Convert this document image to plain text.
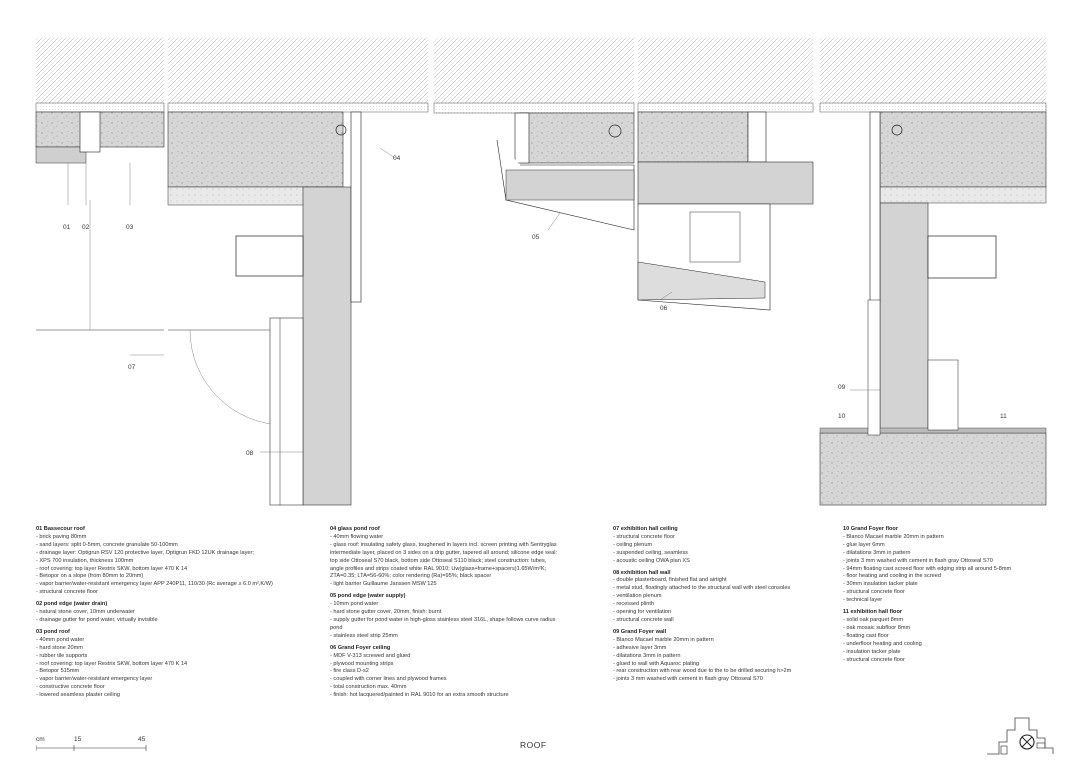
01 02	03
04
05
06
07
08
09
10	11
01 Bassecour roof
- brick paving 80mm
- sand layers: split 0-5mm, concrete granulate 50-100mm
- drainage layer: Optigrun RSV 120 protective layer, Optigrun FKD 12UK drainage layer;
- XPS 700 insulation, thickness 100mm
- roof covering: top layer Restrix SKW, bottom layer 470 K 14
- Betopor on a slope (from 80mm to 20mm)
- vapor barrier/water-resistant emergency layer APP 240P11, 110/30 (Rc average ≥ 6.0 m²,K/W)
- structural concrete floor
02 pond edge (water drain)
- natural stone cover, 10mm underwater
- drainage gutter for pond water, virtually invisible
03 pond roof
- 40mm pond water
- hard stone 20mm
- rubber tile supports
- roof covering: top layer Restrix SKW, bottom layer 470 K 14
- Betopor 515mm
- vapor barrier/water-resistant emergency layer
- constructive concrete floor
- lowered seamless plaster ceiling
04 glass pond roof
- 40mm flowing water
- glass roof: insulating safety glass, toughened in layers incl. screen printing with Sentryglas
intermediate layer, placed on 3 sides on a drip gutter, tapered all around; silicone edge seal:
top side Ottoseal S70 black, bottom side Ottoseal S110 black; steel construction: tubes,
angle profiles and strips coated white RAL 9010; Uw(glass+frame+spacers)1.65W/m²K;
ZTA=0.35; LTA=56-60%; color rendering (Ra)=95%; black spacer
- light barrier Guillaume Janssen MSW 125
05 pond edge (water supply)
- 10mm pond water
- hard stone gutter cover, 20mm, finish: burnt
- supply gutter for pond water in high-gloss stainless steel 316L, shape follows curve radius
pond
- stainless steel strip 25mm
06 Grand Foyer ceiling
- MDF V-313 screwed and glued
- plywood mounting strips
- fire class D-s2
- coupled with corner lines and plywood frames
- total construction max. 40mm
- finish: hot lacquered/painted in RAL 9010 for an extra smooth structure
07 exhibition hall ceiling
- structural concrete floor
- ceiling plenum
- suspended ceiling, seamless
- acoustic ceiling OWA plan XS
08 exhibition hall wall
- double plasterboard, finished flat and airtight
- metal stud, floatingly attached to the structural wall with steel consoles
- ventilation plenum
- recessed plinth
- opening for ventilation
- structural concrete wall
09 Grand Foyer wall
- Blanco Macael marble 20mm in pattern
- adhesive layer 3mm
- dilatations 3mm in pattern
- glued to wall with Aquaroc plating
- rear construction with rear wood due to the to be drilled securing h>2m
- joints 3 mm washed with cement in flash gray Ottoseal S70
10 Grand Foyer floor
- Blanco Macael marble 20mm in pattern
- glue layer 6mm
- dilatations 3mm in pattern
- joints 3 mm washed with cement in flash gray Ottoseal S70
- 94mm floating cast screed floor with edging strip all around 5-8mm
- floor heating and cooling in the screed
- 30mm insulation tacker plate
- structural concrete floor
- technical layer
11 exhibition hall floor
- solid oak parquet 8mm
- oak mosaic subfloor 8mm
- floating cast floor
- underfloor heating and cooling
- insulation tacker plate
- structural concrete floor
cm	15	45
ROOF
